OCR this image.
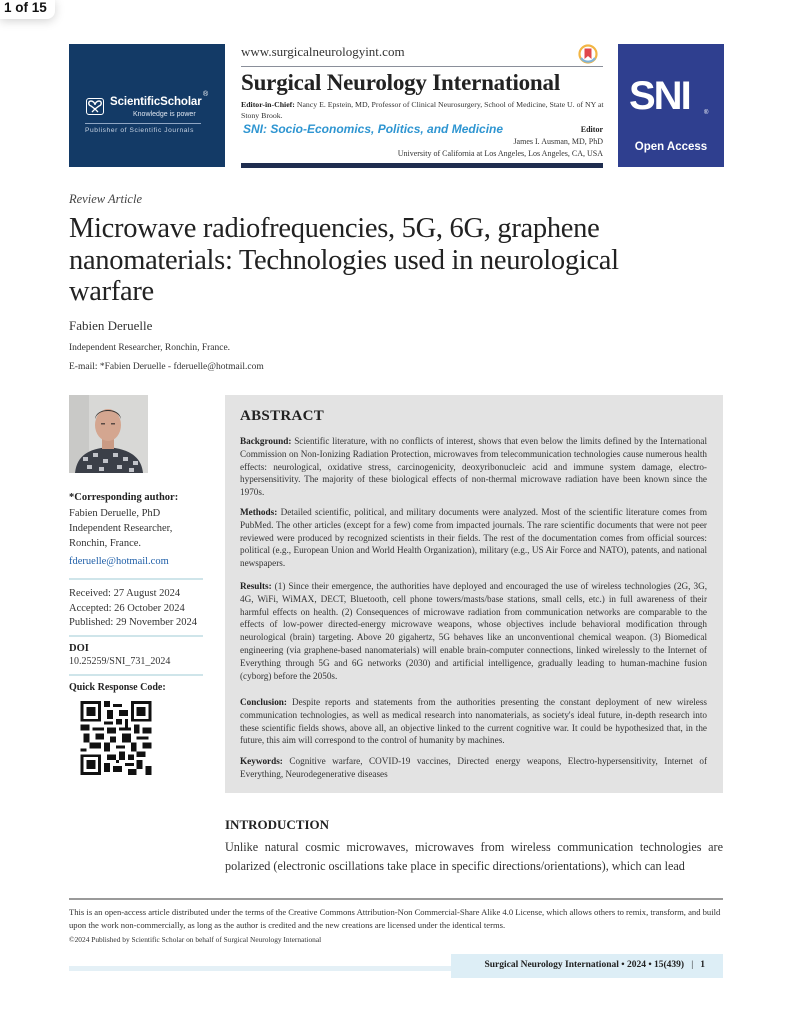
1 of 15
ScientificScholar
®
Knowledge is power
Publisher of Scientific Journals
www.surgicalneurologyint.com
Surgical Neurology International
Editor-in-Chief: Nancy E. Epstein, MD, Professor of Clinical Neurosurgery, School of Medicine, State U. of NY at Stony Brook.
SNI: Socio-Economics, Politics, and Medicine	Editor
James I. Ausman, MD, PhD
University of California at Los Angeles, Los Angeles, CA, USA
SNI ®
Open Access
Review Article
Microwave radiofrequencies, 5G, 6G, graphene nanomaterials: Technologies used in neurological warfare
Fabien Deruelle
Independent Researcher, Ronchin, France.
E-mail: *Fabien Deruelle - fderuelle@hotmail.com
*Corresponding author:
Fabien Deruelle, PhD
Independent Researcher,
Ronchin, France.
fderuelle@hotmail.com
Received: 27 August 2024
Accepted: 26 October 2024
Published: 29 November 2024
DOI
10.25259/SNI_731_2024
Quick Response Code:
ABSTRACT
Background: Scientific literature, with no conflicts of interest, shows that even below the limits defined by the International Commission on Non-Ionizing Radiation Protection, microwaves from telecommunication technologies cause numerous health effects: neurological, oxidative stress, carcinogenicity, deoxyribonucleic acid and immune system damage, electro-hypersensitivity. The majority of these biological effects of non-thermal microwave radiation have been known since the 1970s.
Methods: Detailed scientific, political, and military documents were analyzed. Most of the scientific literature comes from PubMed. The other articles (except for a few) come from impacted journals. The rare scientific documents that were not peer reviewed were produced by recognized scientists in their fields. The rest of the documentation comes from official sources: political (e.g., European Union and World Health Organization), military (e.g., US Air Force and NATO), patents, and national newspapers.
Results: (1) Since their emergence, the authorities have deployed and encouraged the use of wireless technologies (2G, 3G, 4G, WiFi, WiMAX, DECT, Bluetooth, cell phone towers/masts/base stations, small cells, etc.) in full awareness of their harmful effects on health. (2) Consequences of microwave radiation from communication networks are comparable to the effects of low-power directed-energy microwave weapons, whose objectives include behavioral modification through neurological (brain) targeting. Above 20 gigahertz, 5G behaves like an unconventional chemical weapon. (3) Biomedical engineering (via graphene-based nanomaterials) will enable brain-computer connections, linked wirelessly to the Internet of Everything through 5G and 6G networks (2030) and artificial intelligence, gradually leading to human-machine fusion (cyborg) before the 2050s.
Conclusion: Despite reports and statements from the authorities presenting the constant deployment of new wireless communication technologies, as well as medical research into nanomaterials, as society's ideal future, in-depth research into these scientific fields shows, above all, an objective linked to the current cognitive war. It could be hypothesized that, in the future, this aim will correspond to the control of humanity by machines.
Keywords: Cognitive warfare, COVID-19 vaccines, Directed energy weapons, Electro-hypersensitivity, Internet of Everything, Neurodegenerative diseases
INTRODUCTION
Unlike natural cosmic microwaves, microwaves from wireless communication technologies are polarized (electronic oscillations take place in specific directions/orientations), which can lead
This is an open-access article distributed under the terms of the Creative Commons Attribution-Non Commercial-Share Alike 4.0 License, which allows others to remix, transform, and build upon the work non-commercially, as long as the author is credited and the new creations are licensed under the identical terms.
©2024 Published by Scientific Scholar on behalf of Surgical Neurology International
Surgical Neurology International • 2024 • 15(439) | 1
